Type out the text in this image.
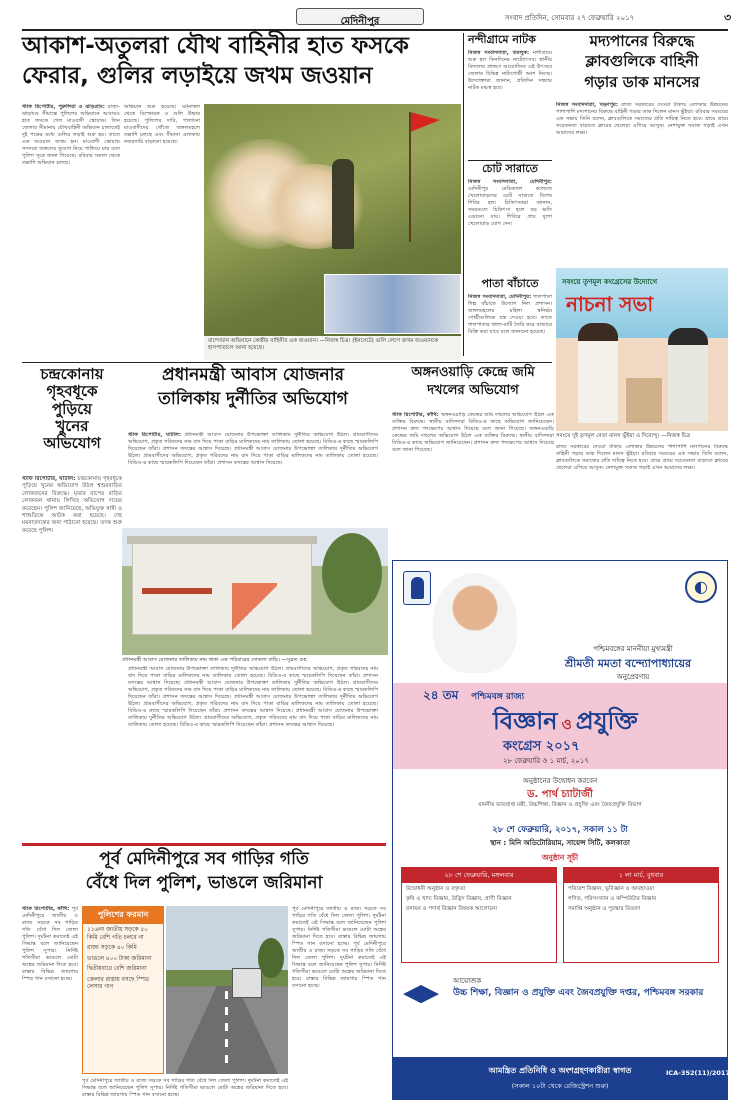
মেদিনীপুর	সংবাদ প্রতিদিন, সোমবার ২৭ ফেব্রুয়ারি ২০১৭	৩
আকাশ-অতুলরা যৌথ বাহিনীর হাত ফসকে
ফেরার, গুলির লড়াইয়ে জখম জওয়ান
স্টাফ রিপোর্টার, পুরুলিয়া ও ঝাড়গ্রাম: রাজ্য-ঝাড়খণ্ড সীমান্তে পুলিশের অভিযানে আবারও হাত ফসকে গেল মাওবাদী স্কোয়াড। তিন জেলার সীমানায় যৌথবাহিনী অভিযান চালাতেই দুই পক্ষের মধ্যে গুলির লড়াই শুরু হয়। তাতে এক জওয়ান জখম হন। মাওবাদী স্কোয়াড সদস্যরা জঙ্গলের সুযোগ নিয়ে পালিয়ে যায় বলে পুলিশ সূত্রে জানা গিয়েছে। রবিবার সকাল থেকে তল্লাশি অভিযান চলছে।
অভিযান শুরু হয়েছে। ঘটনাস্থল থেকে বিস্ফোরক ও গুলি উদ্ধার হয়েছে। পুলিশের দাবি, পালানো মাওবাদীদের খোঁজে জঙ্গলমহলে তল্লাশি চলছে এবং সীমানা এলাকায় নজরদারি বাড়ানো হয়েছে।
বান্দোয়ান অভিযানে কেন্দ্রীয় বাহিনীর এক জওয়ান। —নিজস্ব চিত্র। (ইনসেটে) গুলি লেগে জখম জওয়ানকে হাসপাতালে আনা হয়েছে।
নন্দীগ্রামে নাটক
নিজস্ব সংবাদদাতা, তমলুক: নন্দীগ্রামে শুরু হল তিনদিনের নাট্যোৎসব। স্থানীয় বিদ্যালয় প্রাঙ্গণে আয়োজিত এই উৎসবে জেলার বিভিন্ন নাট্যগোষ্ঠী অংশ নিচ্ছে। উদ্যোক্তারা জানান, প্রতিদিন সন্ধ্যায় নাটক মঞ্চস্থ হবে।
চোট সারাতে
নিজস্ব সংবাদদাতা, মেদিনীপুর: মেদিনীপুর মেডিক্যাল কলেজে খেলোয়াড়দের চোট সারাতে বিশেষ শিবির হল। চিকিৎসকরা জানান, সময়মতো চিকিৎসা হলে বড় ক্ষতি এড়ানো যায়। শিবিরে প্রায় দুশো খেলোয়াড় যোগ দেন।
পাতা বাঁচাতে
নিজস্ব সংবাদদাতা, মেদিনীপুর: শালপাতা শিল্প বাঁচাতে উদ্যোগ নিল প্রশাসন। জঙ্গলমহলের মহিলা স্বনির্ভর গোষ্ঠীগুলিকে যন্ত্র দেওয়া হবে। তাতে শালপাতার থালা-বাটি তৈরি করে বাজারে বিক্রি করা যাবে বলে জানানো হয়েছে।
মদ্যপানের বিরুদ্ধে
ক্লাবগুলিকে বাহিনী
গড়ার ডাক মানসের
নিজস্ব সংবাদদাতা, খড়্গপুর: রাজ্য সরকারের দেওয়া টাকায় এলাকার উন্নয়নের পাশাপাশি মদ্যপানের বিরুদ্ধে বাহিনী গড়ার ডাক দিলেন মানস ভুঁইয়া। রবিবার সবংয়ের এক সভায় তিনি বলেন, ক্লাবগুলিকে সমাজের প্রতি দায়িত্ব নিতে হবে। গ্রামে গ্রামে সচেতনতা বাড়াতে ক্লাবের ছেলেরা এগিয়ে আসুক। নেশামুক্ত সমাজ গড়াই এখন আমাদের লক্ষ্য।
সবংয়ে তৃণমূল কংগ্রেসের উদ্যোগে
নাচনা সভা
সবংয়ে দুই তৃণমূল নেতা মানস ভুঁইয়া ও দিব্যেন্দু। —নিজস্ব চিত্র
রাজ্য সরকারের দেওয়া টাকায় এলাকার উন্নয়নের পাশাপাশি মদ্যপানের বিরুদ্ধে বাহিনী গড়ার ডাক দিলেন মানস ভুঁইয়া। রবিবার সবংয়ের এক সভায় তিনি বলেন, ক্লাবগুলিকে সমাজের প্রতি দায়িত্ব নিতে হবে। গ্রামে গ্রামে সচেতনতা বাড়াতে ক্লাবের ছেলেরা এগিয়ে আসুক। নেশামুক্ত সমাজ গড়াই এখন আমাদের লক্ষ্য।
চন্দ্রকোনায়
গৃহবধূকে
পুড়িয়ে
খুনের
অভিযোগ
স্টাফ রিপোর্টার, ঘাটাল: চন্দ্রকোনায় গৃহবধূকে পুড়িয়ে খুনের অভিযোগ উঠল শ্বশুরবাড়ির লোকজনের বিরুদ্ধে। মৃতার বাপের বাড়ির লোকজন থানায় লিখিত অভিযোগ দায়ের করেছেন। পুলিশ জানিয়েছে, অভিযুক্ত স্বামী ও শাশুড়িকে আটক করা হয়েছে। দেহ ময়নাতদন্তের জন্য পাঠানো হয়েছে। তদন্ত শুরু করেছে পুলিশ।
প্রধানমন্ত্রী আবাস যোজনার
তালিকায় দুর্নীতির অভিযোগ
স্টাফ রিপোর্টার, ঘাটাল: প্রধানমন্ত্রী আবাস যোজনার উপভোক্তা তালিকায় দুর্নীতির অভিযোগ উঠল। গ্রামবাসীদের অভিযোগ, প্রকৃত গরিবদের নাম বাদ দিয়ে পাকা বাড়ির মালিকদের নাম তালিকায় তোলা হয়েছে। বিডিও-র কাছে স্মারকলিপি দিয়েছেন তাঁরা। প্রশাসন তদন্তের আশ্বাস দিয়েছে। প্রধানমন্ত্রী আবাস যোজনার উপভোক্তা তালিকায় দুর্নীতির অভিযোগ উঠল। গ্রামবাসীদের অভিযোগ, প্রকৃত গরিবদের নাম বাদ দিয়ে পাকা বাড়ির মালিকদের নাম তালিকায় তোলা হয়েছে। বিডিও-র কাছে স্মারকলিপি দিয়েছেন তাঁরা। প্রশাসন তদন্তের আশ্বাস দিয়েছে।
প্রধানমন্ত্রী আবাস যোজনার তালিকায় নাম থাকা এক পরিবারের দোতলা বাড়ি। —সুব্রত গুহ
প্রধানমন্ত্রী আবাস যোজনার উপভোক্তা তালিকায় দুর্নীতির অভিযোগ উঠল। গ্রামবাসীদের অভিযোগ, প্রকৃত গরিবদের নাম বাদ দিয়ে পাকা বাড়ির মালিকদের নাম তালিকায় তোলা হয়েছে। বিডিও-র কাছে স্মারকলিপি দিয়েছেন তাঁরা। প্রশাসন তদন্তের আশ্বাস দিয়েছে। প্রধানমন্ত্রী আবাস যোজনার উপভোক্তা তালিকায় দুর্নীতির অভিযোগ উঠল। গ্রামবাসীদের অভিযোগ, প্রকৃত গরিবদের নাম বাদ দিয়ে পাকা বাড়ির মালিকদের নাম তালিকায় তোলা হয়েছে। বিডিও-র কাছে স্মারকলিপি দিয়েছেন তাঁরা। প্রশাসন তদন্তের আশ্বাস দিয়েছে। প্রধানমন্ত্রী আবাস যোজনার উপভোক্তা তালিকায় দুর্নীতির অভিযোগ উঠল। গ্রামবাসীদের অভিযোগ, প্রকৃত গরিবদের নাম বাদ দিয়ে পাকা বাড়ির মালিকদের নাম তালিকায় তোলা হয়েছে। বিডিও-র কাছে স্মারকলিপি দিয়েছেন তাঁরা। প্রশাসন তদন্তের আশ্বাস দিয়েছে। প্রধানমন্ত্রী আবাস যোজনার উপভোক্তা তালিকায় দুর্নীতির অভিযোগ উঠল। গ্রামবাসীদের অভিযোগ, প্রকৃত গরিবদের নাম বাদ দিয়ে পাকা বাড়ির মালিকদের নাম তালিকায় তোলা হয়েছে। বিডিও-র কাছে স্মারকলিপি দিয়েছেন তাঁরা। প্রশাসন তদন্তের আশ্বাস দিয়েছে।
অঙ্গনওয়াড়ি কেন্দ্রে জমি
দখলের অভিযোগ
স্টাফ রিপোর্টার, কাঁথি: অঙ্গনওয়াড়ি কেন্দ্রের জমি দখলের অভিযোগ উঠল এক ব্যক্তির বিরুদ্ধে। স্থানীয় বাসিন্দারা বিডিও-র কাছে অভিযোগ জানিয়েছেন। প্রশাসন দ্রুত পদক্ষেপের আশ্বাস দিয়েছে বলে জানা গিয়েছে। অঙ্গনওয়াড়ি কেন্দ্রের জমি দখলের অভিযোগ উঠল এক ব্যক্তির বিরুদ্ধে। স্থানীয় বাসিন্দারা বিডিও-র কাছে অভিযোগ জানিয়েছেন। প্রশাসন দ্রুত পদক্ষেপের আশ্বাস দিয়েছে বলে জানা গিয়েছে।
◐
পশ্চিমবঙ্গের মাননীয়া মুখ্যমন্ত্রী
শ্রীমতী মমতা বন্দ্যোপাধ্যায়ের
অনুপ্রেরণায়
২৪ তম পশ্চিমবঙ্গ রাজ্য
বিজ্ঞান ও প্রযুক্তি
কংগ্রেস ২০১৭
২৮ ফেব্রুয়ারি ও ১ মার্চ, ২০১৭
অনুষ্ঠানের উদ্বোধন করবেন
ড. পার্থ চ্যাটার্জী
মাননীয় ভারপ্রাপ্ত মন্ত্রী, উচ্চশিক্ষা, বিজ্ঞান ও প্রযুক্তি এবং জৈবপ্রযুক্তি বিভাগ
২৮ শে ফেব্রুয়ারি, ২০১৭, সকাল ১১ টা
স্থান : মিনি অডিটোরিয়াম, সায়েন্স সিটি, কলকাতা
অনুষ্ঠান সূচী
২৮ শে ফেব্রুয়ারি, মঙ্গলবার
উদ্বোধনী অনুষ্ঠান ও বক্তৃতা
কৃষি ও খাদ্য বিজ্ঞান, উদ্ভিদ বিজ্ঞান, প্রাণী বিজ্ঞান
রসায়ন ও পদার্থ বিজ্ঞান বিষয়ক আলোচনা
১ লা মার্চ, বুধবার
পরিবেশ বিজ্ঞান, ভূবিজ্ঞান ও আবহাওয়া
গণিত, পরিসংখ্যান ও কম্পিউটার বিজ্ঞান
সমাপ্তি অনুষ্ঠান ও পুরস্কার বিতরণ
আয়োজক
উচ্চ শিক্ষা, বিজ্ঞান ও প্রযুক্তি এবং জৈবপ্রযুক্তি দপ্তর, পশ্চিমবঙ্গ সরকার
আমন্ত্রিত প্রতিনিধি ও অংশগ্রহণকারীরা স্বাগত
(সকাল ১০টা থেকে রেজিস্ট্রেশন শুরু)
ICA-352(11)/2017
পূর্ব মেদিনীপুরে সব গাড়ির গতি
বেঁধে দিল পুলিশ, ভাঙলে জরিমানা
স্টাফ রিপোর্টার, কাঁথি: পূর্ব মেদিনীপুরে জাতীয় ও রাজ্য সড়কে সব গাড়ির গতি বেঁধে দিল জেলা পুলিশ। দুর্ঘটনা কমাতেই এই সিদ্ধান্ত বলে জানিয়েছেন পুলিশ সুপার। নির্দিষ্ট গতিসীমা ভাঙলে মোটা অঙ্কের জরিমানা দিতে হবে। রাস্তার বিভিন্ন জায়গায় স্পিড গান বসানো হচ্ছে।
পুলিশের ফরমান
১১৬নং জাতীয় সড়কে ৫০ কিমি বেশি গতি চলবে না
রাজ্য সড়কে ৪০ কিমি
ভাঙলে ৪০০ টাকা জরিমানা
দ্বিতীয়বারে বেশি জরিমানা
জেলার রাস্তায় বসছে স্পিড লেসার গান
পূর্ব মেদিনীপুরে জাতীয় ও রাজ্য সড়কে সব গাড়ির গতি বেঁধে দিল জেলা পুলিশ। দুর্ঘটনা কমাতেই এই সিদ্ধান্ত বলে জানিয়েছেন পুলিশ সুপার। নির্দিষ্ট গতিসীমা ভাঙলে মোটা অঙ্কের জরিমানা দিতে হবে। রাস্তার বিভিন্ন জায়গায় স্পিড গান বসানো হচ্ছে। পূর্ব মেদিনীপুরে জাতীয় ও রাজ্য সড়কে সব গাড়ির গতি বেঁধে দিল জেলা পুলিশ। দুর্ঘটনা কমাতেই এই সিদ্ধান্ত বলে জানিয়েছেন পুলিশ সুপার। নির্দিষ্ট গতিসীমা ভাঙলে মোটা অঙ্কের জরিমানা দিতে হবে। রাস্তার বিভিন্ন জায়গায় স্পিড গান বসানো হচ্ছে।
পূর্ব মেদিনীপুরে জাতীয় ও রাজ্য সড়কে সব গাড়ির গতি বেঁধে দিল জেলা পুলিশ। দুর্ঘটনা কমাতেই এই সিদ্ধান্ত বলে জানিয়েছেন পুলিশ সুপার। নির্দিষ্ট গতিসীমা ভাঙলে মোটা অঙ্কের জরিমানা দিতে হবে। রাস্তার বিভিন্ন জায়গায় স্পিড গান বসানো হচ্ছে।
